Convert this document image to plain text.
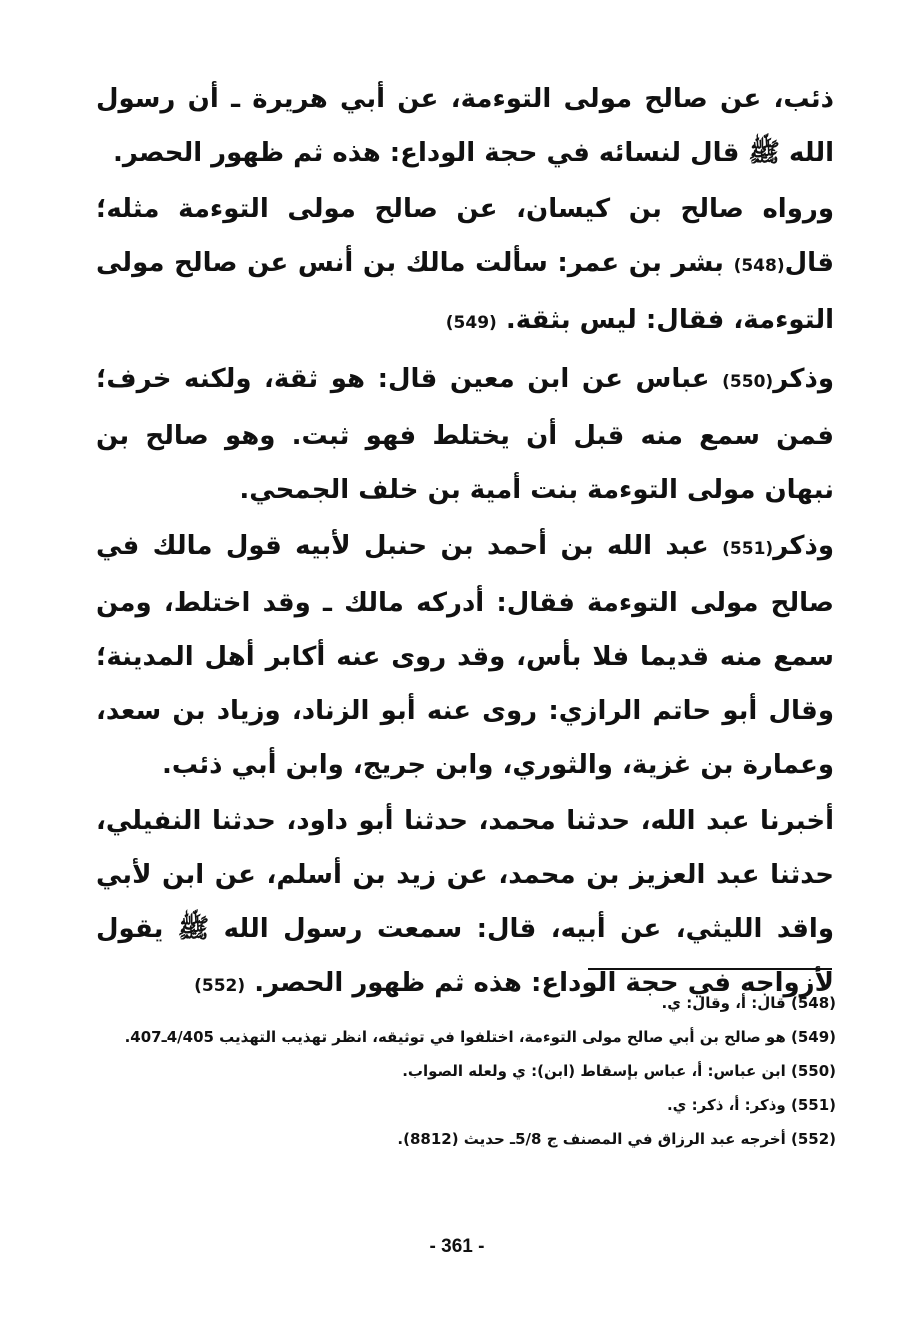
ذئب، عن صالح مولى التوءمة، عن أبي هريرة ـ أن رسول الله ﷺ قال لنسائه في حجة الوداع: هذه ثم ظهور الحصر.

ورواه صالح بن كيسان، عن صالح مولى التوءمة مثله؛ قال(548) بشر بن عمر: سألت مالك بن أنس عن صالح مولى التوءمة، فقال: ليس بثقة. (549)

وذكر(550) عباس عن ابن معين قال: هو ثقة، ولكنه خرف؛ فمن سمع منه قبل أن يختلط فهو ثبت. وهو صالح بن نبهان مولى التوءمة بنت أمية بن خلف الجمحي.

وذكر(551) عبد الله بن أحمد بن حنبل لأبيه قول مالك في صالح مولى التوءمة فقال: أدركه مالك ـ وقد اختلط، ومن سمع منه قديما فلا بأس، وقد روى عنه أكابر أهل المدينة؛ وقال أبو حاتم الرازي: روى عنه أبو الزناد، وزياد بن سعد، وعمارة بن غزية، والثوري، وابن جريج، وابن أبي ذئب.

أخبرنا عبد الله، حدثنا محمد، حدثنا أبو داود، حدثنا النفيلي، حدثنا عبد العزيز بن محمد، عن زيد بن أسلم، عن ابن لأبي واقد الليثي، عن أبيه، قال: سمعت رسول الله ﷺ يقول لأزواجه في حجة الوداع: هذه ثم ظهور الحصر. (552)

(548) قال: أ، وقال: ي.

(549) هو صالح بن أبي صالح مولى التوءمة، اختلفوا في توثيقه، انظر تهذيب التهذيب 4/405ـ407.

(550) ابن عباس: أ، عباس بإسقاط (ابن): ي ولعله الصواب.

(551) وذكر: أ، ذكر: ي.

(552) أخرجه عبد الرزاق في المصنف ج 5/8ـ حديث (8812).

- 361 -
